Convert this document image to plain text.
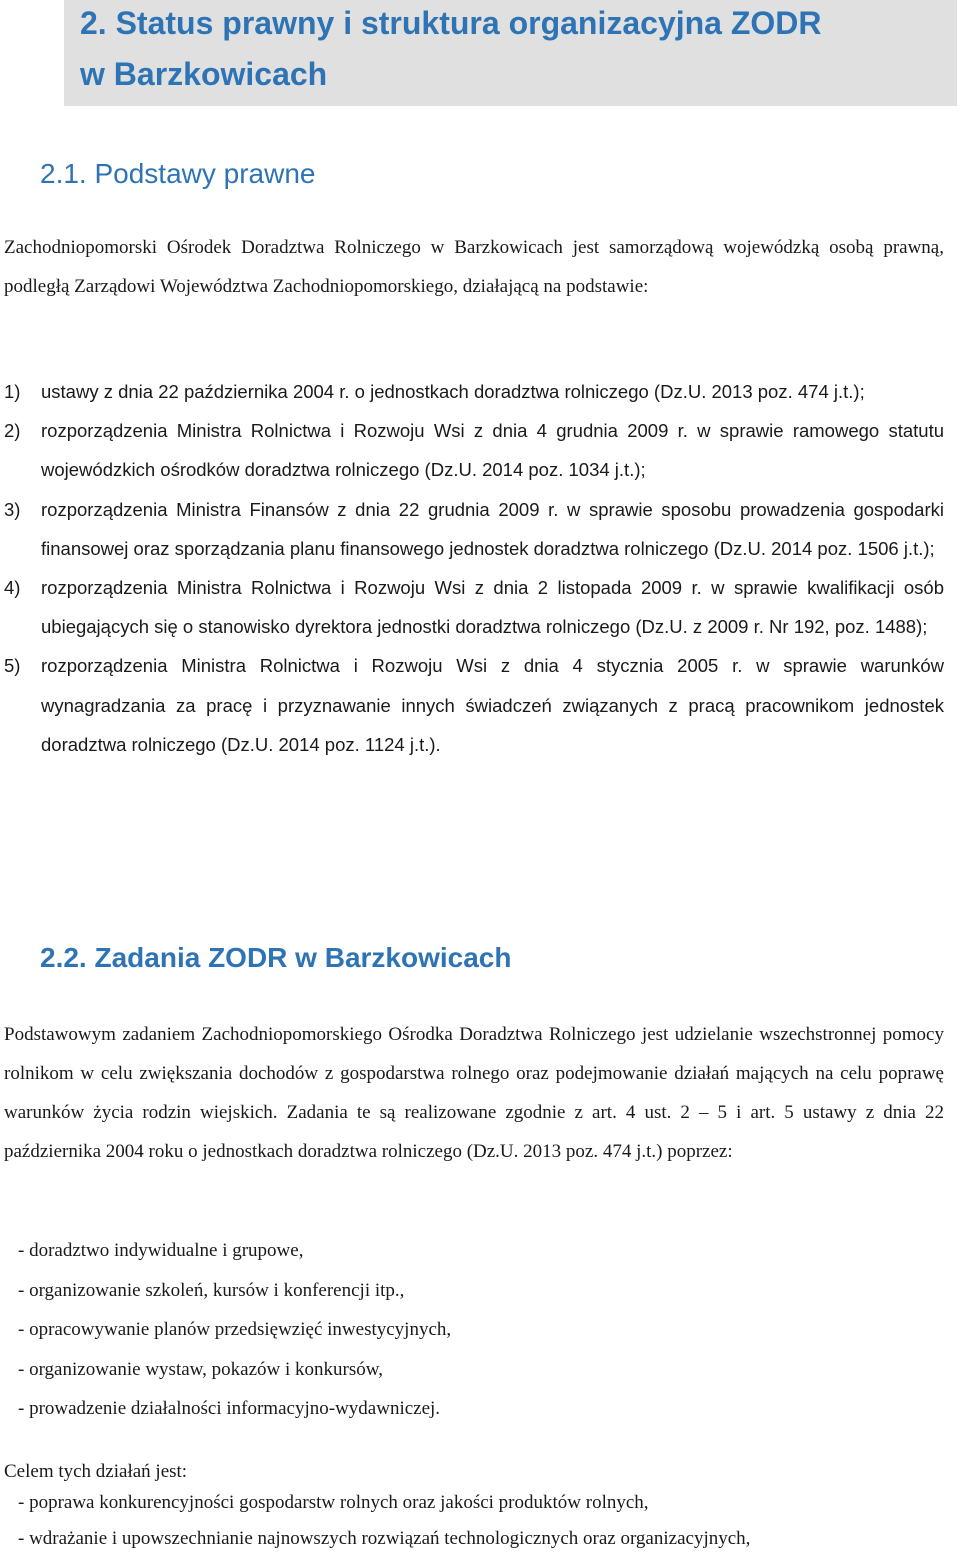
2. Status prawny i struktura organizacyjna ZODR
w Barzkowicach
2.1. Podstawy prawne
Zachodniopomorski Ośrodek Doradztwa Rolniczego w Barzkowicach jest samorządową wojewódzką osobą prawną, podległą Zarządowi Województwa Zachodniopomorskiego, działającą na podstawie:
1) ustawy z dnia 22 października 2004 r. o jednostkach doradztwa rolniczego (Dz.U. 2013 poz. 474 j.t.);
2) rozporządzenia Ministra Rolnictwa i Rozwoju Wsi z dnia 4 grudnia 2009 r. w sprawie ramowego statutu wojewódzkich ośrodków doradztwa rolniczego (Dz.U. 2014 poz. 1034 j.t.);
3) rozporządzenia Ministra Finansów z dnia 22 grudnia 2009 r. w sprawie sposobu prowadzenia gospodarki finansowej oraz sporządzania planu finansowego jednostek doradztwa rolniczego (Dz.U. 2014 poz. 1506 j.t.);
4) rozporządzenia Ministra Rolnictwa i Rozwoju Wsi z dnia 2 listopada 2009 r. w sprawie kwalifikacji osób ubiegających się o stanowisko dyrektora jednostki doradztwa rolniczego (Dz.U. z 2009 r. Nr 192, poz. 1488);
5) rozporządzenia Ministra Rolnictwa i Rozwoju Wsi z dnia 4 stycznia 2005 r. w sprawie warunków wynagradzania za pracę i przyznawanie innych świadczeń związanych z pracą pracownikom jednostek doradztwa rolniczego (Dz.U. 2014 poz. 1124 j.t.).
2.2. Zadania ZODR w Barzkowicach
Podstawowym zadaniem Zachodniopomorskiego Ośrodka Doradztwa Rolniczego jest udzielanie wszechstronnej pomocy rolnikom w celu zwiększania dochodów z gospodarstwa rolnego oraz podejmowanie działań mających na celu poprawę warunków życia rodzin wiejskich. Zadania te są realizowane zgodnie z art. 4 ust. 2 – 5 i art. 5 ustawy z dnia 22 października 2004 roku o jednostkach doradztwa rolniczego (Dz.U. 2013 poz. 474 j.t.) poprzez:
- doradztwo indywidualne i grupowe,
- organizowanie szkoleń, kursów i konferencji itp.,
- opracowywanie planów przedsięwzięć inwestycyjnych,
- organizowanie wystaw, pokazów i konkursów,
- prowadzenie działalności informacyjno-wydawniczej.
Celem tych działań jest:
- poprawa konkurencyjności gospodarstw rolnych oraz jakości produktów rolnych,
- wdrażanie i upowszechnianie najnowszych rozwiązań technologicznych oraz organizacyjnych,
